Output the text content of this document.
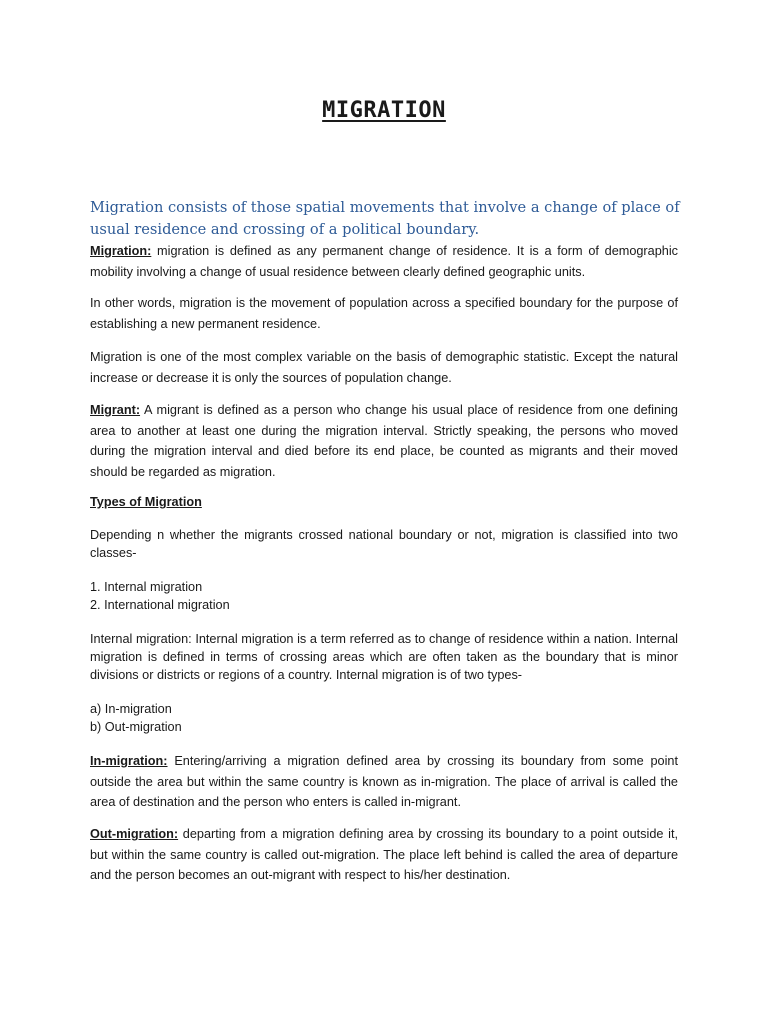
MIGRATION
Migration consists of those spatial movements that involve a change of place of usual residence and crossing of a political boundary.

Migration: migration is defined as any permanent change of residence. It is a form of demographic mobility involving a change of usual residence between clearly defined geographic units.

In other words, migration is the movement of population across a specified boundary for the purpose of establishing a new permanent residence.

Migration is one of the most complex variable on the basis of demographic statistic. Except the natural increase or decrease it is only the sources of population change.

Migrant: A migrant is defined as a person who change his usual place of residence from one defining area to another at least one during the migration interval. Strictly speaking, the persons who moved during the migration interval and died before its end place, be counted as migrants and their moved should be regarded as migration.

Types of Migration

Depending n whether the migrants crossed national boundary or not, migration is classified into two classes-

1. Internal migration
2. International migration

Internal migration: Internal migration is a term referred as to change of residence within a nation. Internal migration is defined in terms of crossing areas which are often taken as the boundary that is minor divisions or districts or regions of a country. Internal migration is of two types-

a) In-migration
b) Out-migration

In-migration: Entering/arriving a migration defined area by crossing its boundary from some point outside the area but within the same country is known as in-migration. The place of arrival is called the area of destination and the person who enters is called in-migrant.

Out-migration: departing from a migration defining area by crossing its boundary to a point outside it, but within the same country is called out-migration. The place left behind is called the area of departure and the person becomes an out-migrant with respect to his/her destination.
